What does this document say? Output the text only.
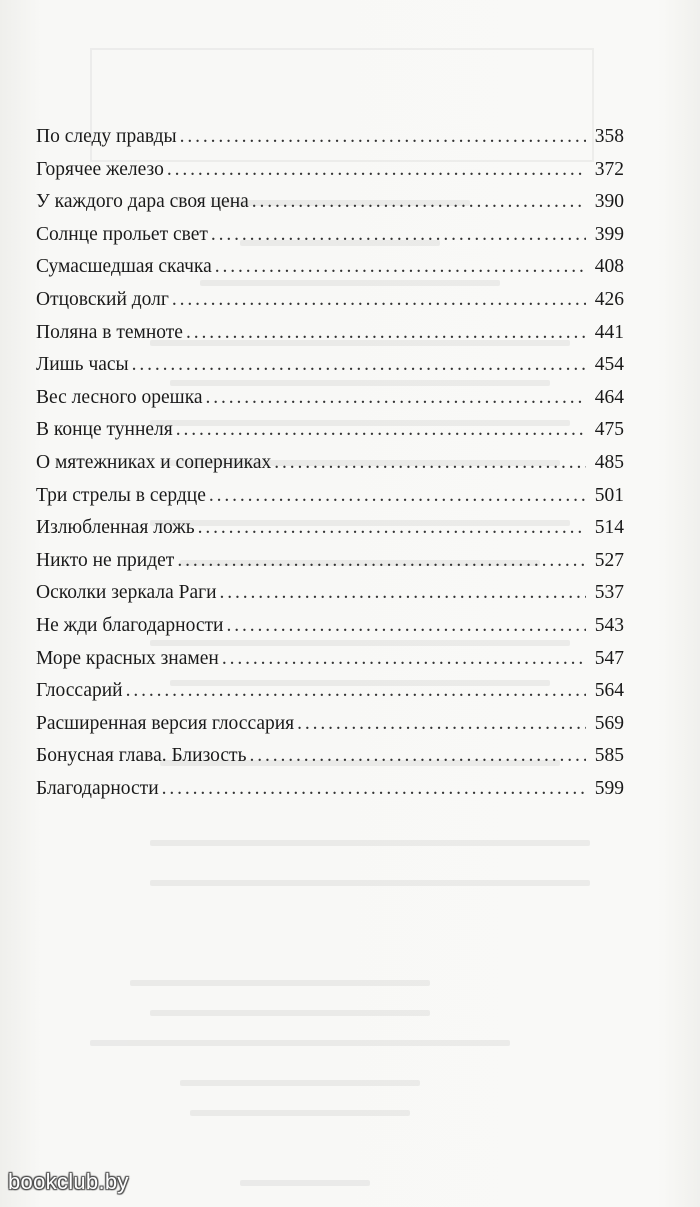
По следу правды . . .	358
Горячее железо . . .	372
У каждого дара своя цена . . .	390
Солнце прольет свет . . .	399
Сумасшедшая скачка . . .	408
Отцовский долг . . .	426
Поляна в темноте . . .	441
Лишь часы . . .	454
Вес лесного орешка . . .	464
В конце туннеля . . .	475
О мятежниках и соперниках . . .	485
Три стрелы в сердце . . .	501
Излюбленная ложь . . .	514
Никто не придет . . .	527
Осколки зеркала Раги . . .	537
Не жди благодарности . . .	543
Море красных знамен . . .	547
Глоссарий . . .	564
Расширенная версия глоссария . . .	569
Бонусная глава. Близость . . .	585
Благодарности . . .	599
bookclub.by
